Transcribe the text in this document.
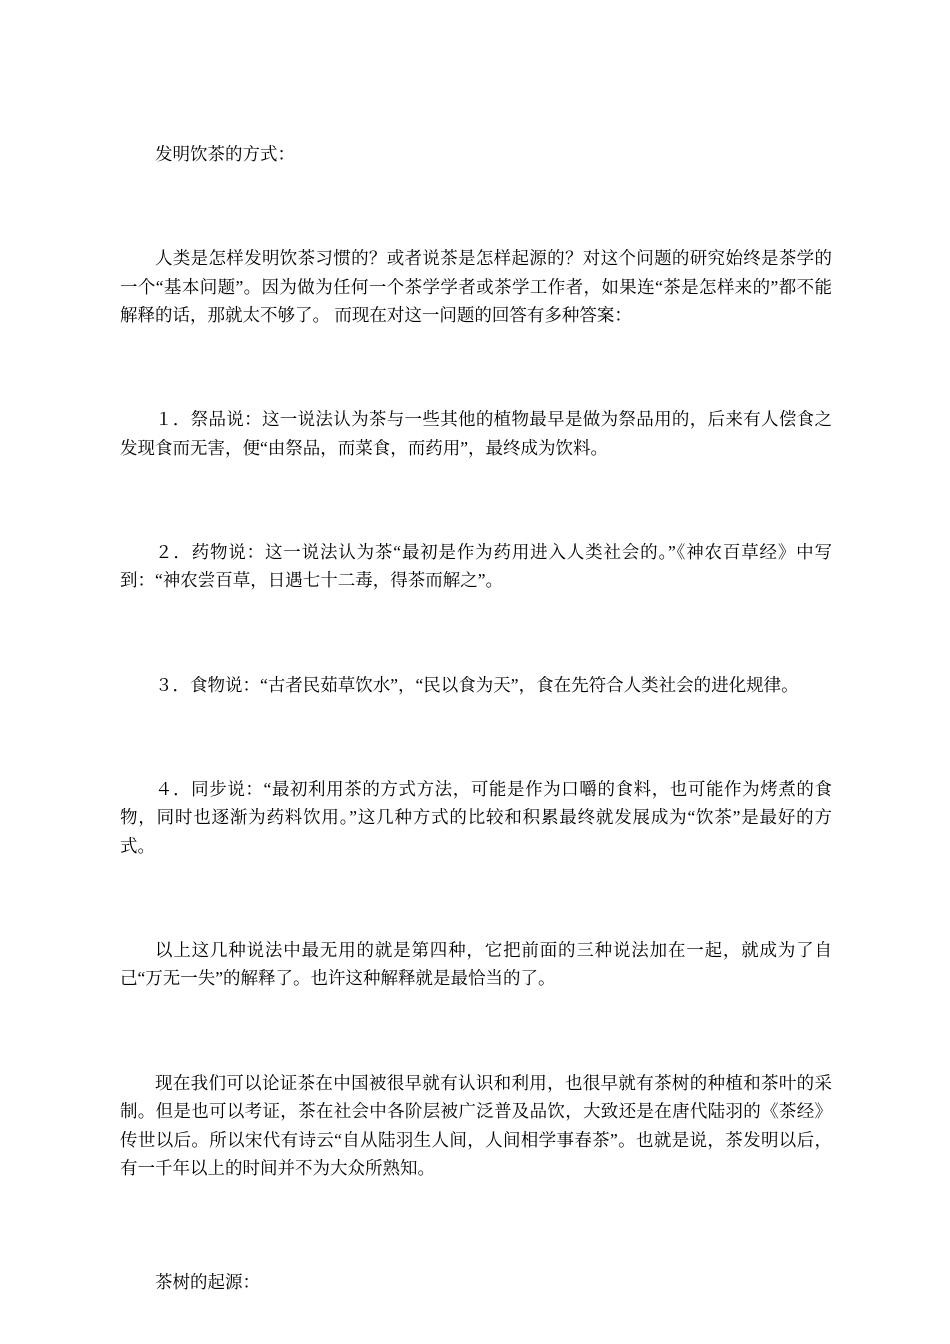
发明饮茶的方式：

人类是怎样发明饮茶习惯的？或者说茶是怎样起源的？对这个问题的研究始终是茶学的一个“基本问题”。因为做为任何一个茶学学者或茶学工作者，如果连“茶是怎样来的”都不能解释的话，那就太不够了。 而现在对这一问题的回答有多种答案：

１．祭品说：这一说法认为茶与一些其他的植物最早是做为祭品用的，后来有人偿食之发现食而无害，便“由祭品，而菜食，而药用”，最终成为饮料。

２．药物说：这一说法认为茶“最初是作为药用进入人类社会的。”《神农百草经》中写到：“神农尝百草，日遇七十二毒，得茶而解之”。

３．食物说：“古者民茹草饮水”，“民以食为天”，食在先符合人类社会的进化规律。

４．同步说：“最初利用茶的方式方法，可能是作为口嚼的食料，也可能作为烤煮的食物，同时也逐渐为药料饮用。”这几种方式的比较和积累最终就发展成为“饮茶”是最好的方式。

以上这几种说法中最无用的就是第四种，它把前面的三种说法加在一起，就成为了自己“万无一失”的解释了。也许这种解释就是最恰当的了。

现在我们可以论证茶在中国被很早就有认识和利用，也很早就有茶树的种植和茶叶的采制。但是也可以考证，茶在社会中各阶层被广泛普及品饮，大致还是在唐代陆羽的《茶经》传世以后。所以宋代有诗云“自从陆羽生人间，人间相学事春茶”。也就是说，茶发明以后，有一千年以上的时间并不为大众所熟知。

茶树的起源：
